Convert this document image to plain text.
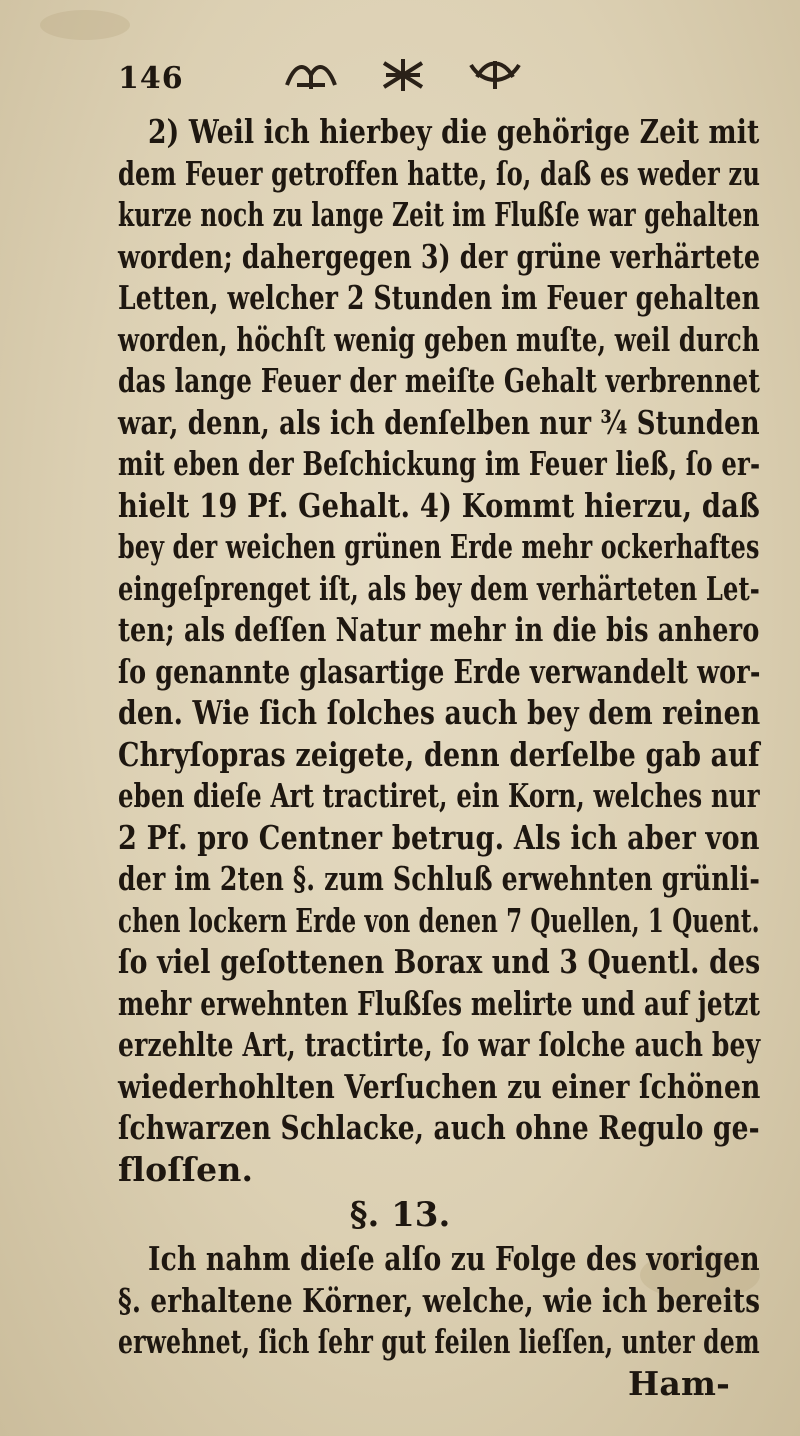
146
2) Weil ich hierbey die gehörige Zeit mit
dem Feuer getroffen hatte, ſo, daß es weder zu
kurze noch zu lange Zeit im Flußſe war gehalten
worden; dahergegen 3) der grüne verhärtete
Letten, welcher 2 Stunden im Feuer gehalten
worden, höchſt wenig geben muſte, weil durch
das lange Feuer der meiſte Gehalt verbrennet
war, denn, als ich denſelben nur ¾ Stunden
mit eben der Beſchickung im Feuer ließ, ſo er-
hielt 19 Pf. Gehalt. 4) Kommt hierzu, daß
bey der weichen grünen Erde mehr ockerhaftes
eingeſprenget iſt, als bey dem verhärteten Let-
ten; als deſſen Natur mehr in die bis anhero
ſo genannte glasartige Erde verwandelt wor-
den. Wie ſich ſolches auch bey dem reinen
Chryſopras zeigete, denn derſelbe gab auf
eben dieſe Art tractiret, ein Korn, welches nur
2 Pf. pro Centner betrug. Als ich aber von
der im 2ten §. zum Schluß erwehnten grünli-
chen lockern Erde von denen 7 Quellen, 1 Quent.
ſo viel geſottenen Borax und 3 Quentl. des
mehr erwehnten Flußſes melirte und auf jetzt
erzehlte Art, tractirte, ſo war ſolche auch bey
wiederhohlten Verſuchen zu einer ſchönen
ſchwarzen Schlacke, auch ohne Regulo ge-
floſſen.
§. 13.
Ich nahm dieſe alſo zu Folge des vorigen
§. erhaltene Körner, welche, wie ich bereits
erwehnet, ſich ſehr gut feilen lieſſen, unter dem
Ham-
